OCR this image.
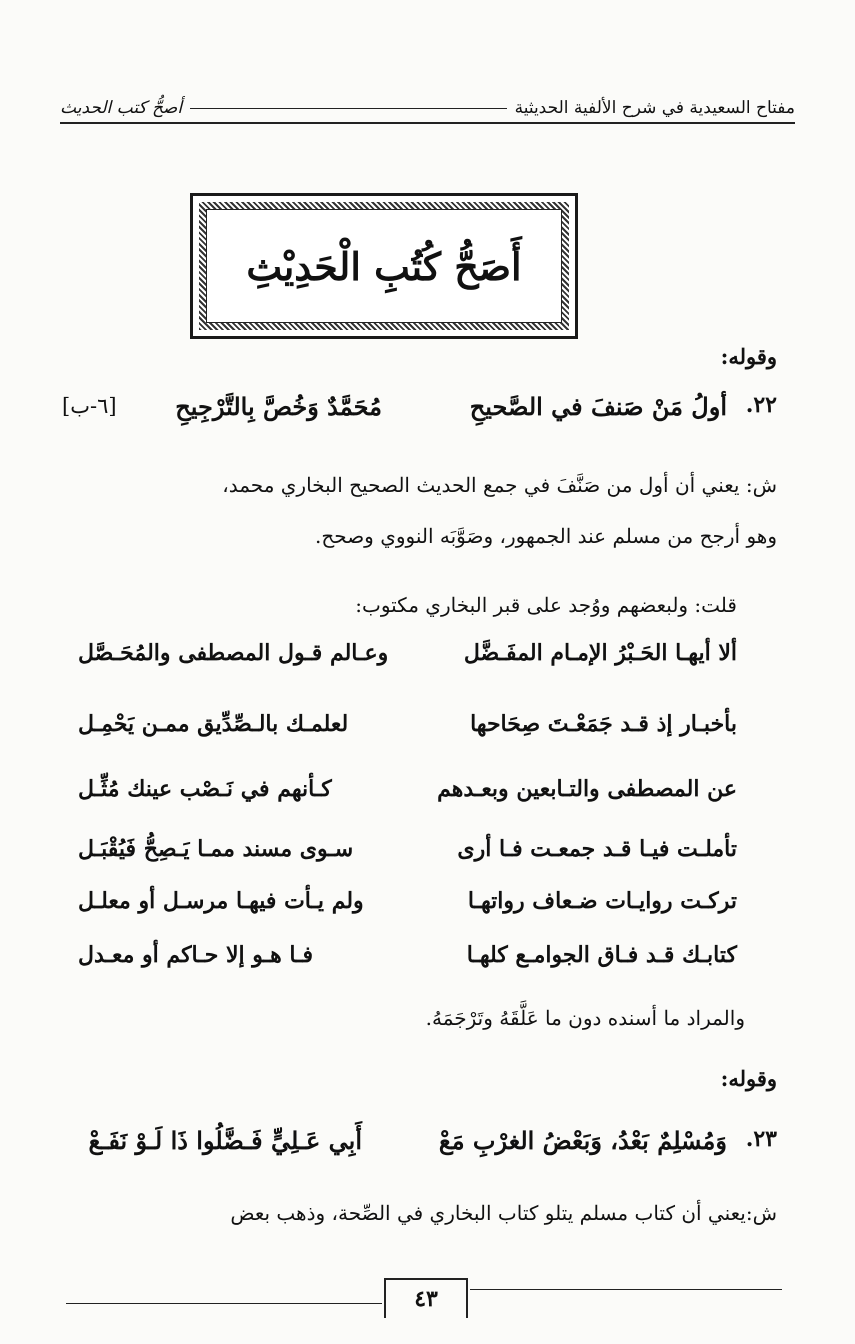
مفتاح السعيدية في شرح الألفية الحديثية
أصحُّ كتب الحديث
أَصَحُّ كُتُبِ الْحَدِيْثِ
وقوله:
٢٢.
أولُ مَنْ صَنفَ في الصَّحيحِ
مُحَمَّدٌ وَخُصَّ بِالتَّرْجِيحِ
[٦-ب]
ش: يعني أن أول من صَنَّفَ في جمع الحديث الصحيح البخاري محمد،
وهو أرجح من مسلم عند الجمهور، وصَوَّبَه النووي وصحح.
قلت: ولبعضهم ووُجد على قبر البخاري مكتوب:
ألا أيهـا الحَـبْرُ الإمـام المفَـضَّل
وعـالم قـول المصطفى والمُحَـصَّل
بأخبـار إذ قـد جَمَعْـتَ صِحَاحها
لعلمـك بالـصِّدِّيق ممـن يَحْمِـل
عن المصطفى والتـابعين وبعـدهم
كـأنهم في نَـصْب عينك مُثِّـل
تأملـت فيـا قـد جمعـت فـا أرى
سـوى مسند ممـا يَـصِحُّ فَيُقْبَـل
تركـت روايـات ضـعاف رواتهـا
ولم يـأت فيهـا مرسـل أو معلـل
كتابـك قـد فـاق الجوامـع كلهـا
فـا هـو إلا حـاكم أو معـدل
والمراد ما أسنده دون ما عَلَّقَهُ وتَرْجَمَهُ.
وقوله:
٢٣.
وَمُسْلِمٌ بَعْدُ، وَبَعْضُ الغرْبِ مَعْ
أَبِي عَـلِيٍّ فَـضَّلُوا ذَا لَـوْ نَفَـعْ
ش:يعني أن كتاب مسلم يتلو كتاب البخاري في الصِّحة، وذهب بعض
٤٣
